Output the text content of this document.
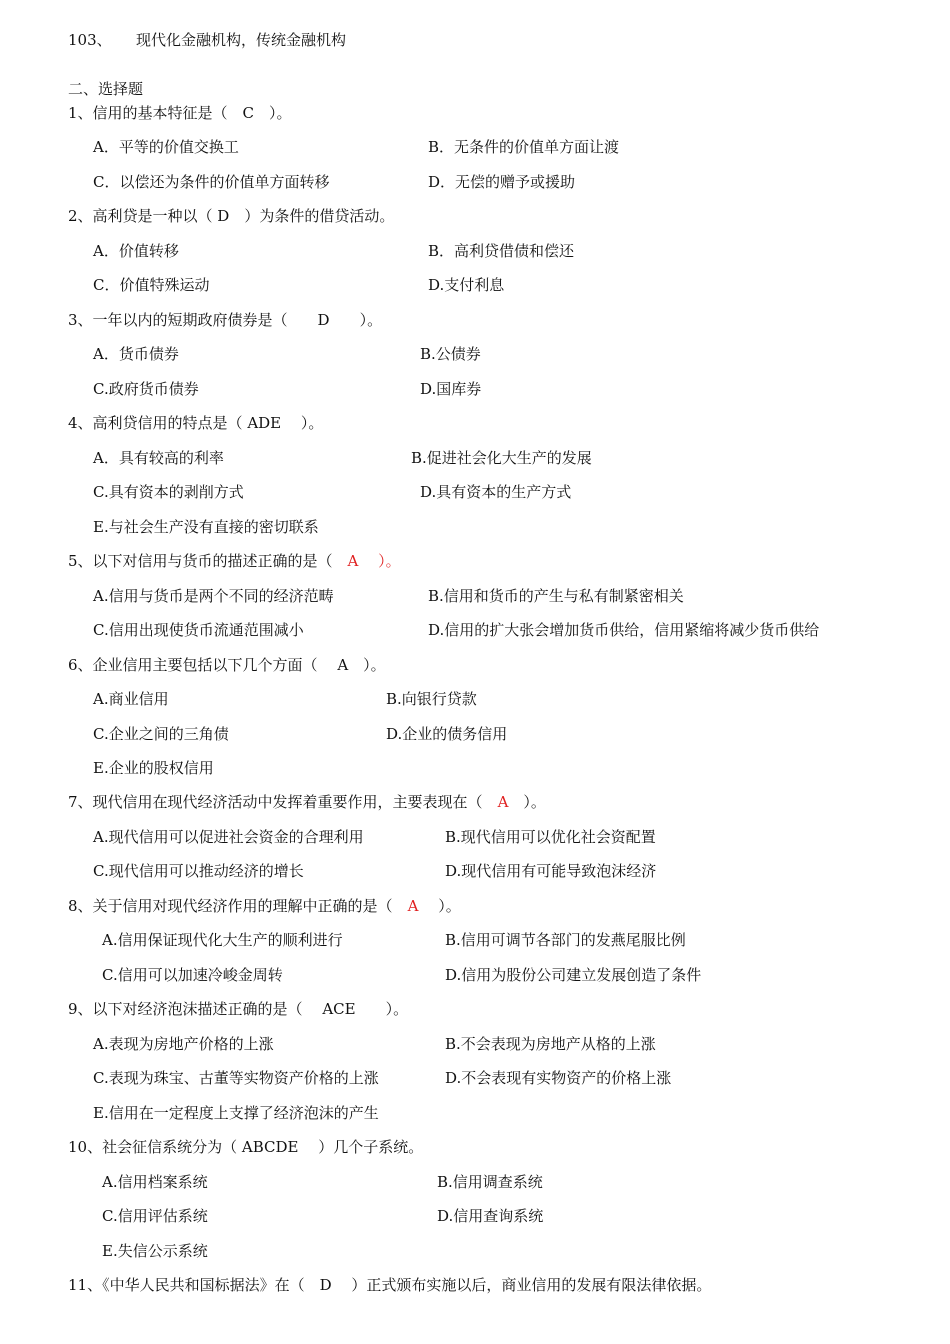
103、 现代化金融机构，传统金融机构
二、选择题
1、信用的基本特征是（　C　）。
A．平等的价值交换工	B．无条件的价值单方面让渡
C．以偿还为条件的价值单方面转移	D．无偿的赠予或援助
2、高利贷是一种以（ D　）为条件的借贷活动。
A．价值转移	B．高利贷借债和偿还
C．价值特殊运动	D.支付利息
3、一年以内的短期政府债券是（　　D　　）。
A．货币债券	B.公债券
C.政府货币债券	D.国库券
4、高利贷信用的特点是（ ADE　 ）。
A．具有较高的利率	B.促进社会化大生产的发展
C.具有资本的剥削方式	D.具有资本的生产方式
E.与社会生产没有直接的密切联系
5、以下对信用与货币的描述正确的是（　A　 ）。
A.信用与货币是两个不同的经济范畴	B.信用和货币的产生与私有制紧密相关
C.信用出现使货币流通范围减小	D.信用的扩大张会增加货币供给，信用紧缩将减少货币供给
6、企业信用主要包括以下几个方面（　 A　）。
A.商业信用	B.向银行贷款
C.企业之间的三角债	D.企业的债务信用
E.企业的股权信用
7、现代信用在现代经济活动中发挥着重要作用，主要表现在（　 A　 ）。
A.现代信用可以促进社会资金的合理利用	B.现代信用可以优化社会资配置
C.现代信用可以推动经济的增长	D.现代信用有可能导致泡沫经济
8、关于信用对现代经济作用的理解中正确的是（　 A　 ）。
A.信用保证现代化大生产的顺利进行	B.信用可调节各部门的发燕尾服比例
C.信用可以加速冷峻金周转	D.信用为股份公司建立发展创造了条件
9、以下对经济泡沫描述正确的是（　 ACE　　）。
A.表现为房地产价格的上涨	B.不会表现为房地产从格的上涨
C.表现为珠宝、古董等实物资产价格的上涨	D.不会表现有实物资产的价格上涨
E.信用在一定程度上支撑了经济泡沫的产生
10、社会征信系统分为（ ABCDE　 ）几个子系统。
A.信用档案系统	B.信用调查系统
C.信用评估系统	D.信用查询系统
E.失信公示系统
11、《中华人民共和国标据法》在（　D　 ）正式颁布实施以后，商业信用的发展有限法律依据。
